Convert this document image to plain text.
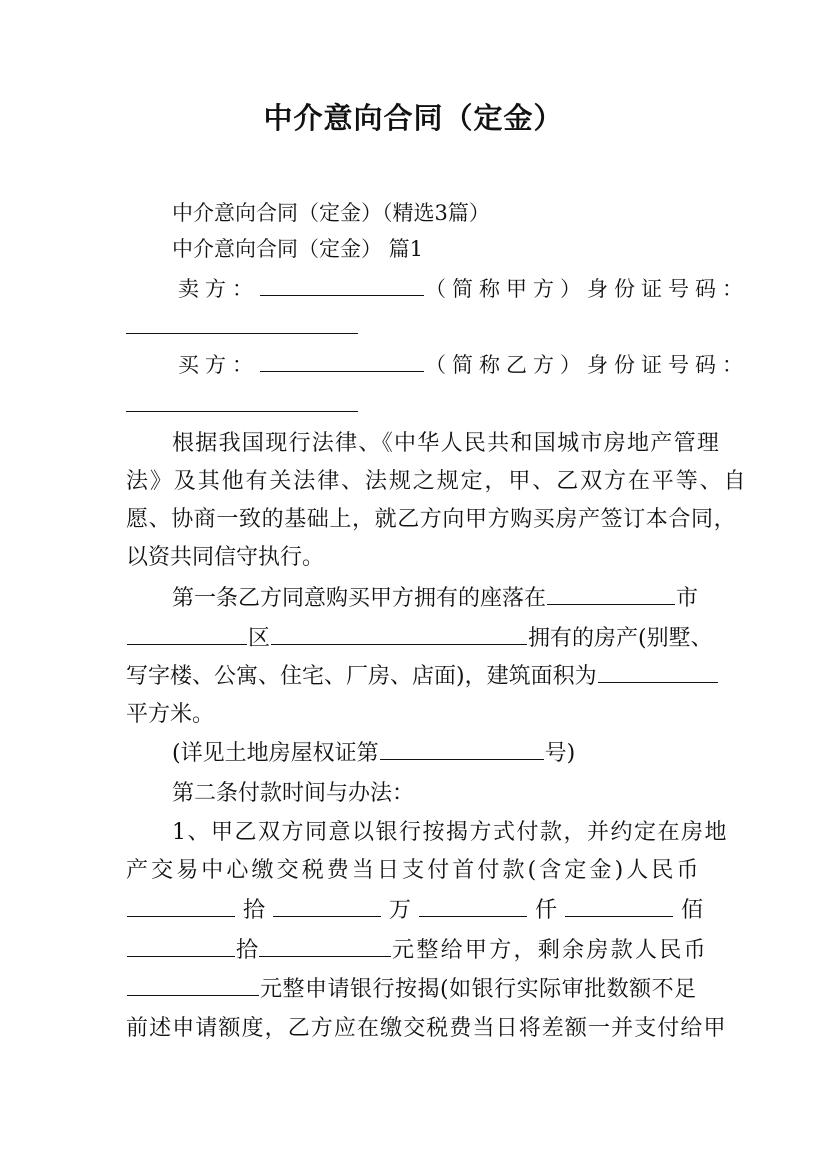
中介意向合同（定金）
中介意向合同（定金）（精选3篇）
中介意向合同（定金） 篇1
卖方：	（简称甲方）身份证号码：
买方：	（简称乙方）身份证号码：
根据我国现行法律、《中华人民共和国城市房地产管理
法》及其他有关法律、法规之规定，甲、乙双方在平等、自
愿、协商一致的基础上，就乙方向甲方购买房产签订本合同，
以资共同信守执行。
第一条乙方同意购买甲方拥有的座落在	市
区	拥有的房产(别墅、
写字楼、公寓、住宅、厂房、店面)，建筑面积为
平方米。
(详见土地房屋权证第	号)
第二条付款时间与办法：
1、甲乙双方同意以银行按揭方式付款，并约定在房地
产交易中心缴交税费当日支付首付款(含定金)人民币
拾	万	仟	佰
拾	元整给甲方，剩余房款人民币
元整申请银行按揭(如银行实际审批数额不足
前述申请额度，乙方应在缴交税费当日将差额一并支付给甲
